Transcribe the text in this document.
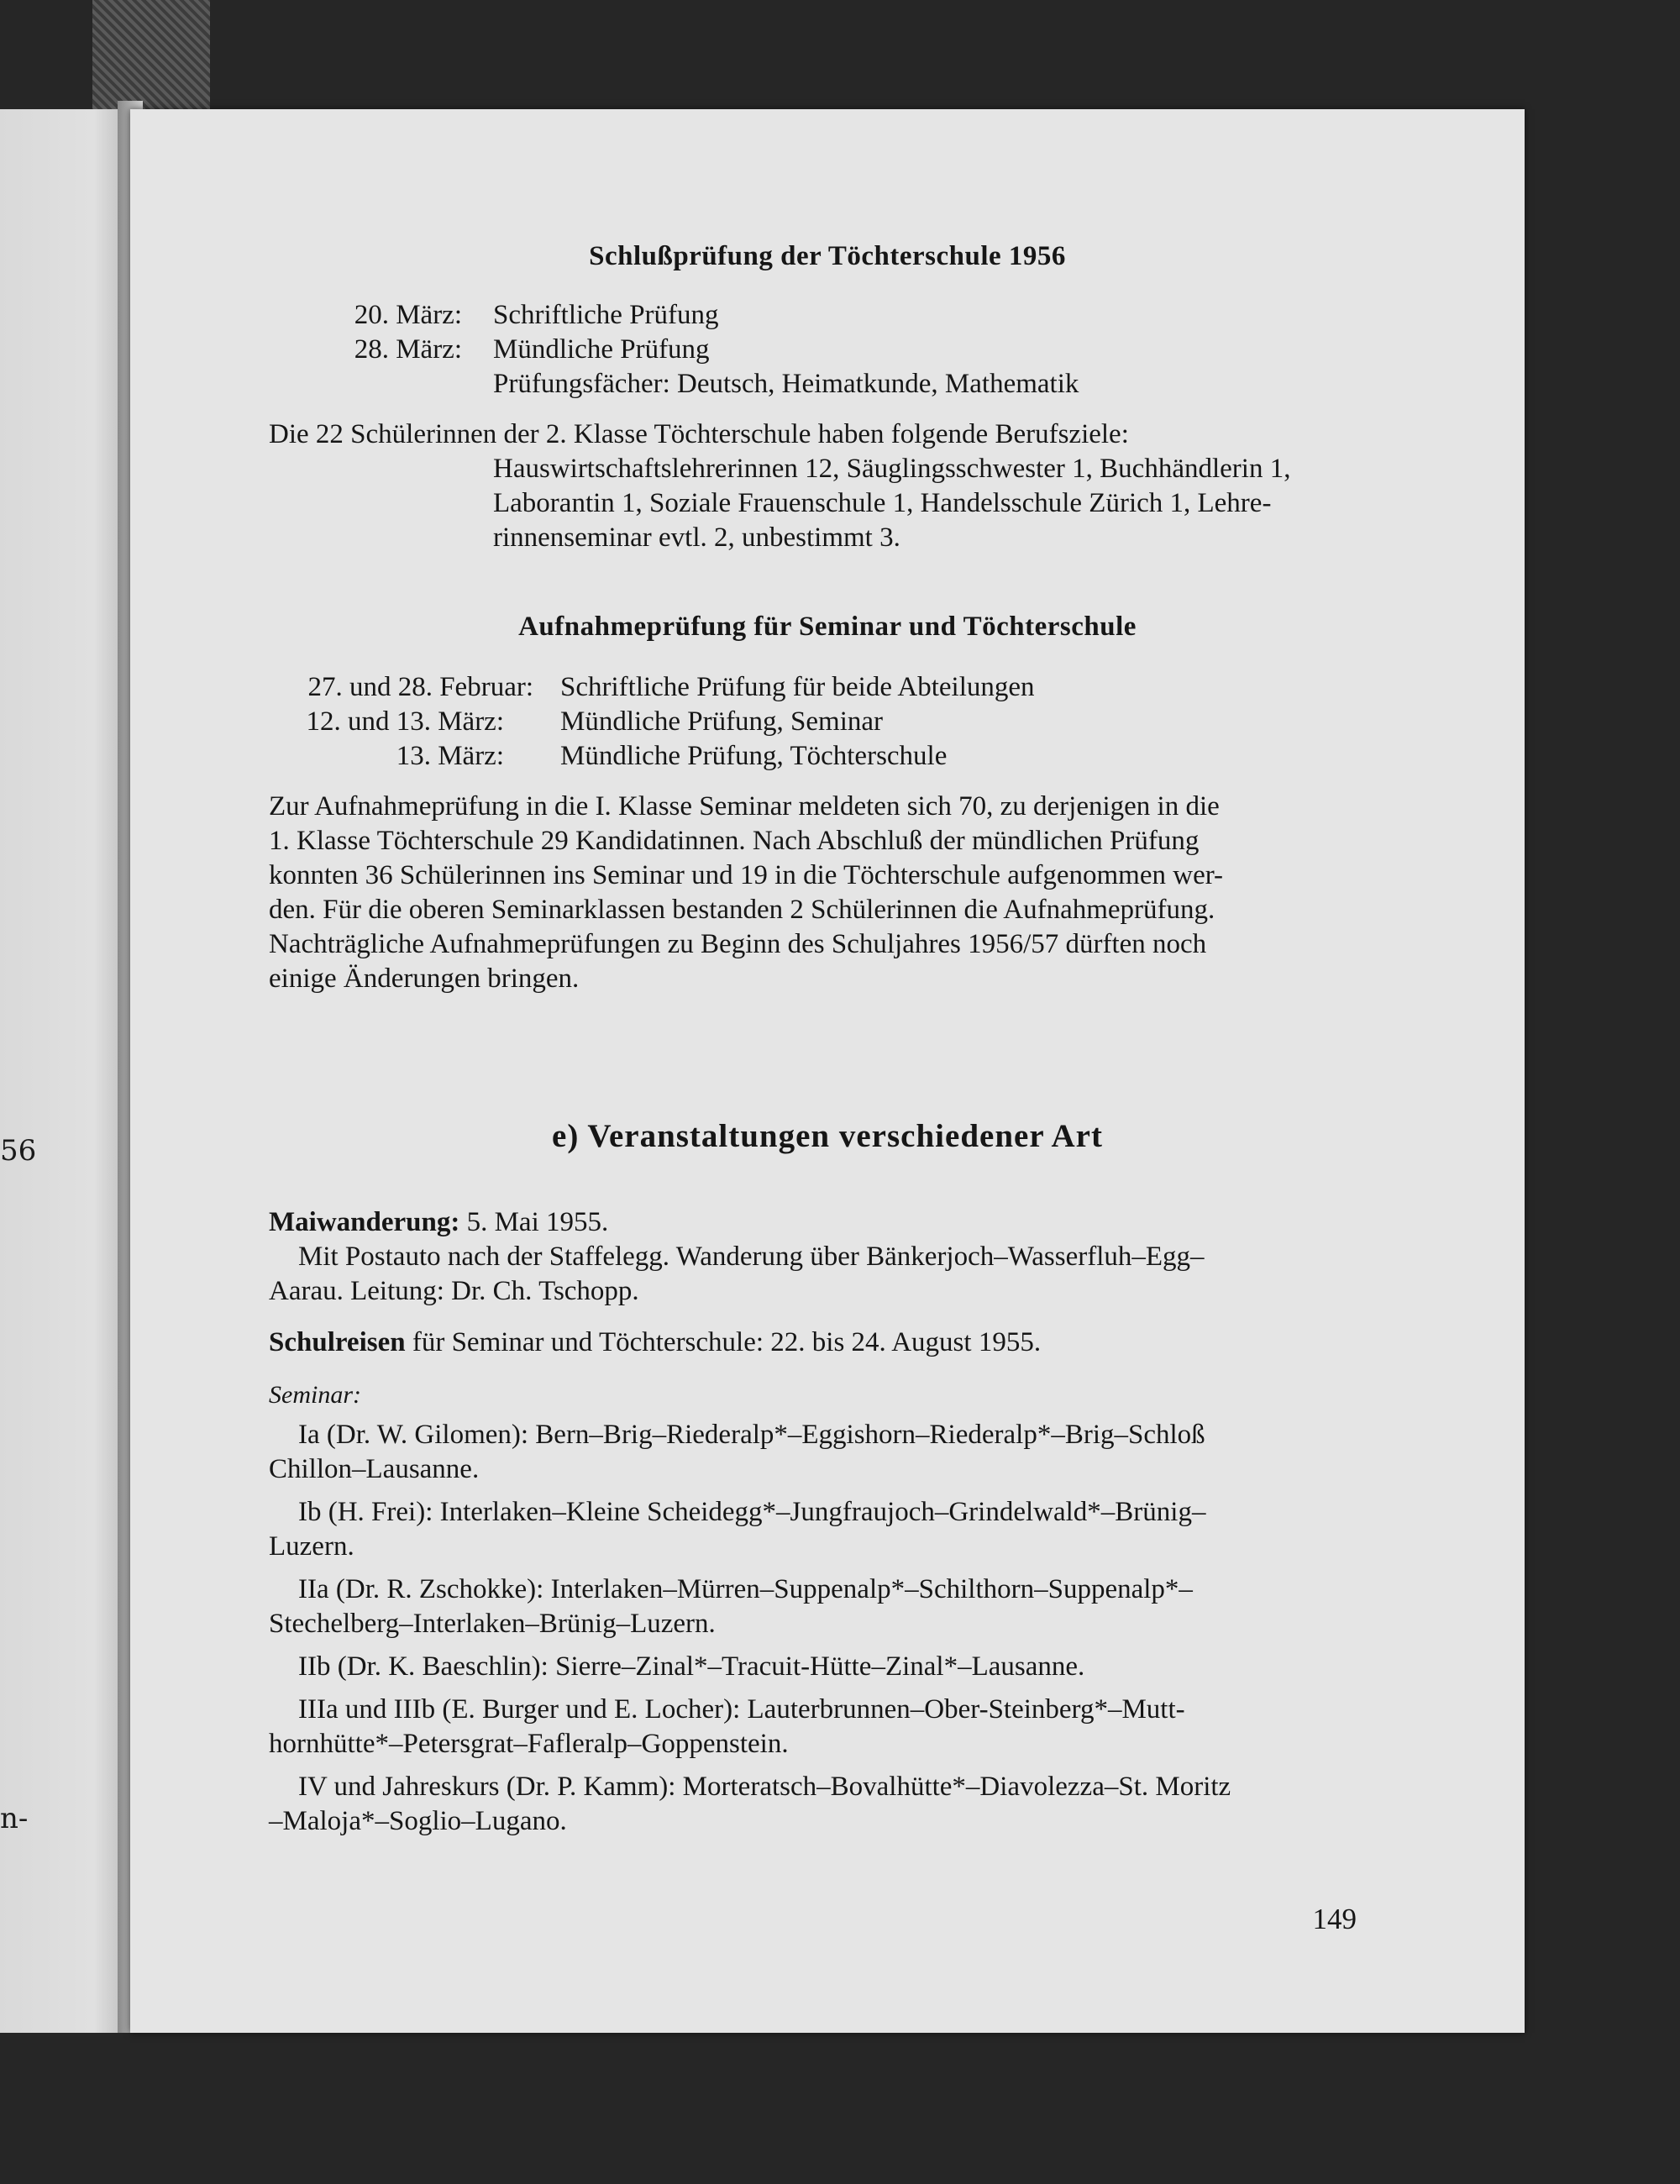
56
n-
Schlußprüfung der Töchterschule 1956
20. März: Schriftliche Prüfung
28. März: Mündliche Prüfung
Prüfungsfächer: Deutsch, Heimatkunde, Mathematik
Die 22 Schülerinnen der 2. Klasse Töchterschule haben folgende Berufsziele:
Hauswirtschaftslehrerinnen 12, Säuglingsschwester 1, Buchhändlerin 1,
Laborantin 1, Soziale Frauenschule 1, Handelsschule Zürich 1, Lehre-
rinnenseminar evtl. 2, unbestimmt 3.
Aufnahmeprüfung für Seminar und Töchterschule
27. und 28. Februar: Schriftliche Prüfung für beide Abteilungen
12. und 13. März: Mündliche Prüfung, Seminar
13. März: Mündliche Prüfung, Töchterschule
Zur Aufnahmeprüfung in die I. Klasse Seminar meldeten sich 70, zu derjenigen in die
1. Klasse Töchterschule 29 Kandidatinnen. Nach Abschluß der mündlichen Prüfung
konnten 36 Schülerinnen ins Seminar und 19 in die Töchterschule aufgenommen wer-
den. Für die oberen Seminarklassen bestanden 2 Schülerinnen die Aufnahmeprüfung.
Nachträgliche Aufnahmeprüfungen zu Beginn des Schuljahres 1956/57 dürften noch
einige Änderungen bringen.
e) Veranstaltungen verschiedener Art
Maiwanderung: 5. Mai 1955.
Mit Postauto nach der Staffelegg. Wanderung über Bänkerjoch–Wasserfluh–Egg–
Aarau. Leitung: Dr. Ch. Tschopp.
Schulreisen für Seminar und Töchterschule: 22. bis 24. August 1955.
Seminar:
Ia (Dr. W. Gilomen): Bern–Brig–Riederalp*–Eggishorn–Riederalp*–Brig–Schloß
Chillon–Lausanne.
Ib (H. Frei): Interlaken–Kleine Scheidegg*–Jungfraujoch–Grindelwald*–Brünig–
Luzern.
IIa (Dr. R. Zschokke): Interlaken–Mürren–Suppenalp*–Schilthorn–Suppenalp*–
Stechelberg–Interlaken–Brünig–Luzern.
IIb (Dr. K. Baeschlin): Sierre–Zinal*–Tracuit-Hütte–Zinal*–Lausanne.
IIIa und IIIb (E. Burger und E. Locher): Lauterbrunnen–Ober-Steinberg*–Mutt-
hornhütte*–Petersgrat–Fafleralp–Goppenstein.
IV und Jahreskurs (Dr. P. Kamm): Morteratsch–Bovalhütte*–Diavolezza–St. Moritz
–Maloja*–Soglio–Lugano.
149
